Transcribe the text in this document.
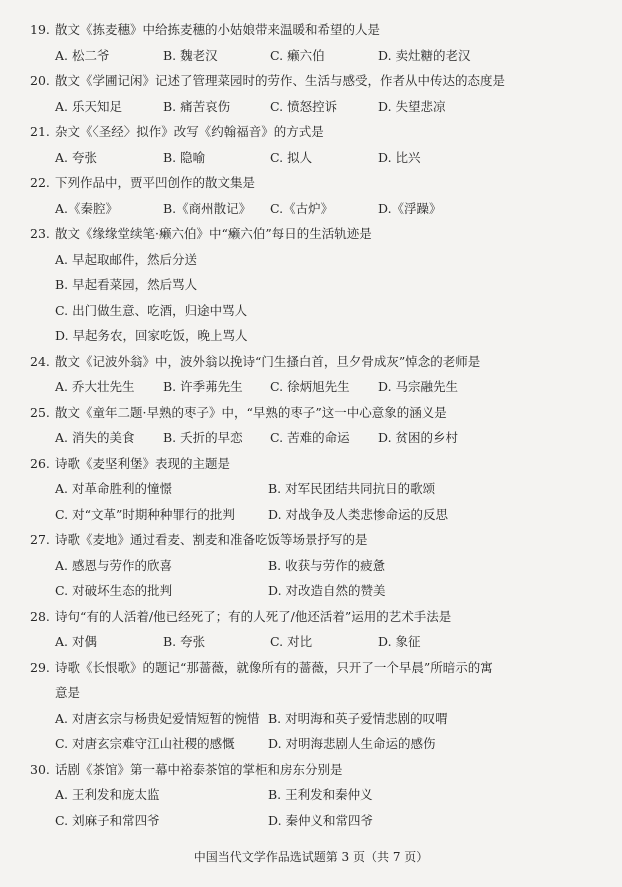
19. 散文《拣麦穗》中给拣麦穗的小姑娘带来温暖和希望的人是
A. 松二爷	B. 魏老汉	C. 癞六伯	D. 卖灶糖的老汉
20. 散文《学圃记闲》记述了管理菜园时的劳作、生活与感受，作者从中传达的态度是
A. 乐天知足	B. 痛苦哀伤	C. 愤怒控诉	D. 失望悲凉
21. 杂文《〈圣经〉拟作》改写《约翰福音》的方式是
A. 夸张	B. 隐喻	C. 拟人	D. 比兴
22. 下列作品中，贾平凹创作的散文集是
A.《秦腔》	B.《商州散记》 C.《古炉》	D.《浮躁》
23. 散文《缘缘堂续笔·癞六伯》中“癞六伯”每日的生活轨迹是
A. 早起取邮件，然后分送
B. 早起看菜园，然后骂人
C. 出门做生意、吃酒，归途中骂人
D. 早起务农，回家吃饭，晚上骂人
24. 散文《记波外翁》中，波外翁以挽诗“门生搔白首，旦夕骨成灰”悼念的老师是
A. 乔大壮先生 B. 许季茀先生 C. 徐炳旭先生 D. 马宗融先生
25. 散文《童年二题·早熟的枣子》中，“早熟的枣子”这一中心意象的涵义是
A. 消失的美食 B. 夭折的早恋 C. 苦难的命运 D. 贫困的乡村
26. 诗歌《麦坚利堡》表现的主题是
A. 对革命胜利的憧憬	B. 对军民团结共同抗日的歌颂
C. 对“文革”时期种种罪行的批判	D. 对战争及人类悲惨命运的反思
27. 诗歌《麦地》通过看麦、割麦和准备吃饭等场景抒写的是
A. 感恩与劳作的欣喜	B. 收获与劳作的疲惫
C. 对破坏生态的批判	D. 对改造自然的赞美
28. 诗句“有的人活着/他已经死了；有的人死了/他还活着”运用的艺术手法是
A. 对偶	B. 夸张	C. 对比	D. 象征
29. 诗歌《长恨歌》的题记“那蔷薇，就像所有的蔷薇，只开了一个早晨”所暗示的寓
意是
A. 对唐玄宗与杨贵妃爱情短暂的惋惜 B. 对明海和英子爱情悲剧的叹喟
C. 对唐玄宗难守江山社稷的感慨	D. 对明海悲剧人生命运的感伤
30. 话剧《茶馆》第一幕中裕泰茶馆的掌柜和房东分别是
A. 王利发和庞太监	B. 王利发和秦仲义
C. 刘麻子和常四爷	D. 秦仲义和常四爷
中国当代文学作品选试题第 3 页（共 7 页）
